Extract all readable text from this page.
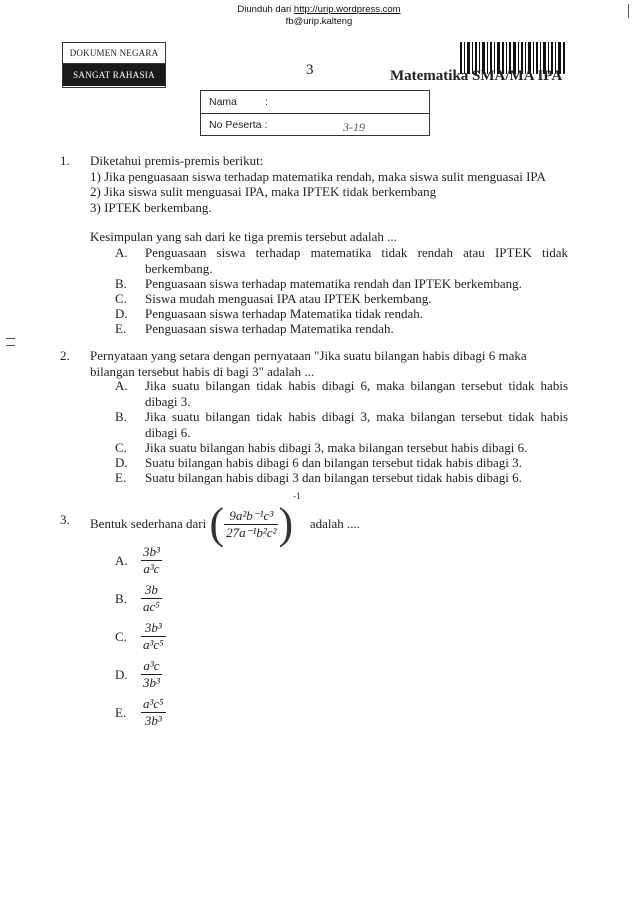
Diunduh dari http://urip.wordpress.com
fb@urip.kalteng
DOKUMEN NEGARA
SANGAT RAHASIA	3	Matematika SMA/MA IPA
Nama	:
No Peserta :	3-19
1. Diketahui premis-premis berikut:
1) Jika penguasaan siswa terhadap matematika rendah, maka siswa sulit menguasai IPA
2) Jika siswa sulit menguasai IPA, maka IPTEK tidak berkembang
3) IPTEK berkembang.
Kesimpulan yang sah dari ke tiga premis tersebut adalah ...
A. Penguasaan siswa terhadap matematika tidak rendah atau IPTEK tidak berkembang.
B. Penguasaan siswa terhadap matematika rendah dan IPTEK berkembang.
C. Siswa mudah menguasai IPA atau IPTEK berkembang.
D. Penguasaan siswa terhadap Matematika tidak rendah.
E. Penguasaan siswa terhadap Matematika rendah.
2. Pernyataan yang setara dengan pernyataan "Jika suatu bilangan habis dibagi 6 maka
bilangan tersebut habis di bagi 3" adalah ...
A. Jika suatu bilangan tidak habis dibagi 6, maka bilangan tersebut tidak habis dibagi 3.
B. Jika suatu bilangan tidak habis dibagi 3, maka bilangan tersebut tidak habis dibagi 6.
C. Jika suatu bilangan habis dibagi 3, maka bilangan tersebut habis dibagi 6.
D. Suatu bilangan habis dibagi 6 dan bilangan tersebut tidak habis dibagi 3.
E. Suatu bilangan habis dibagi 3 dan bilangan tersebut tidak habis dibagi 6.
3. Bentuk sederhana dari ( $\frac{\text{9a²b⁻¹c³}}{\text{27a⁻¹b²c²}} )^{-1}$ adalah ....
A. $\frac{\text{3b³}}{\text{a³c}}$
B. $\frac{3b}{\text{ac⁵}}$
C. $\frac{\text{3b³}}{\text{a³c⁵}}$
D. $\frac{\text{a³c}}{\text{3b³}}$
E. $\frac{\text{a³c⁵}}{\text{3b³}}$
